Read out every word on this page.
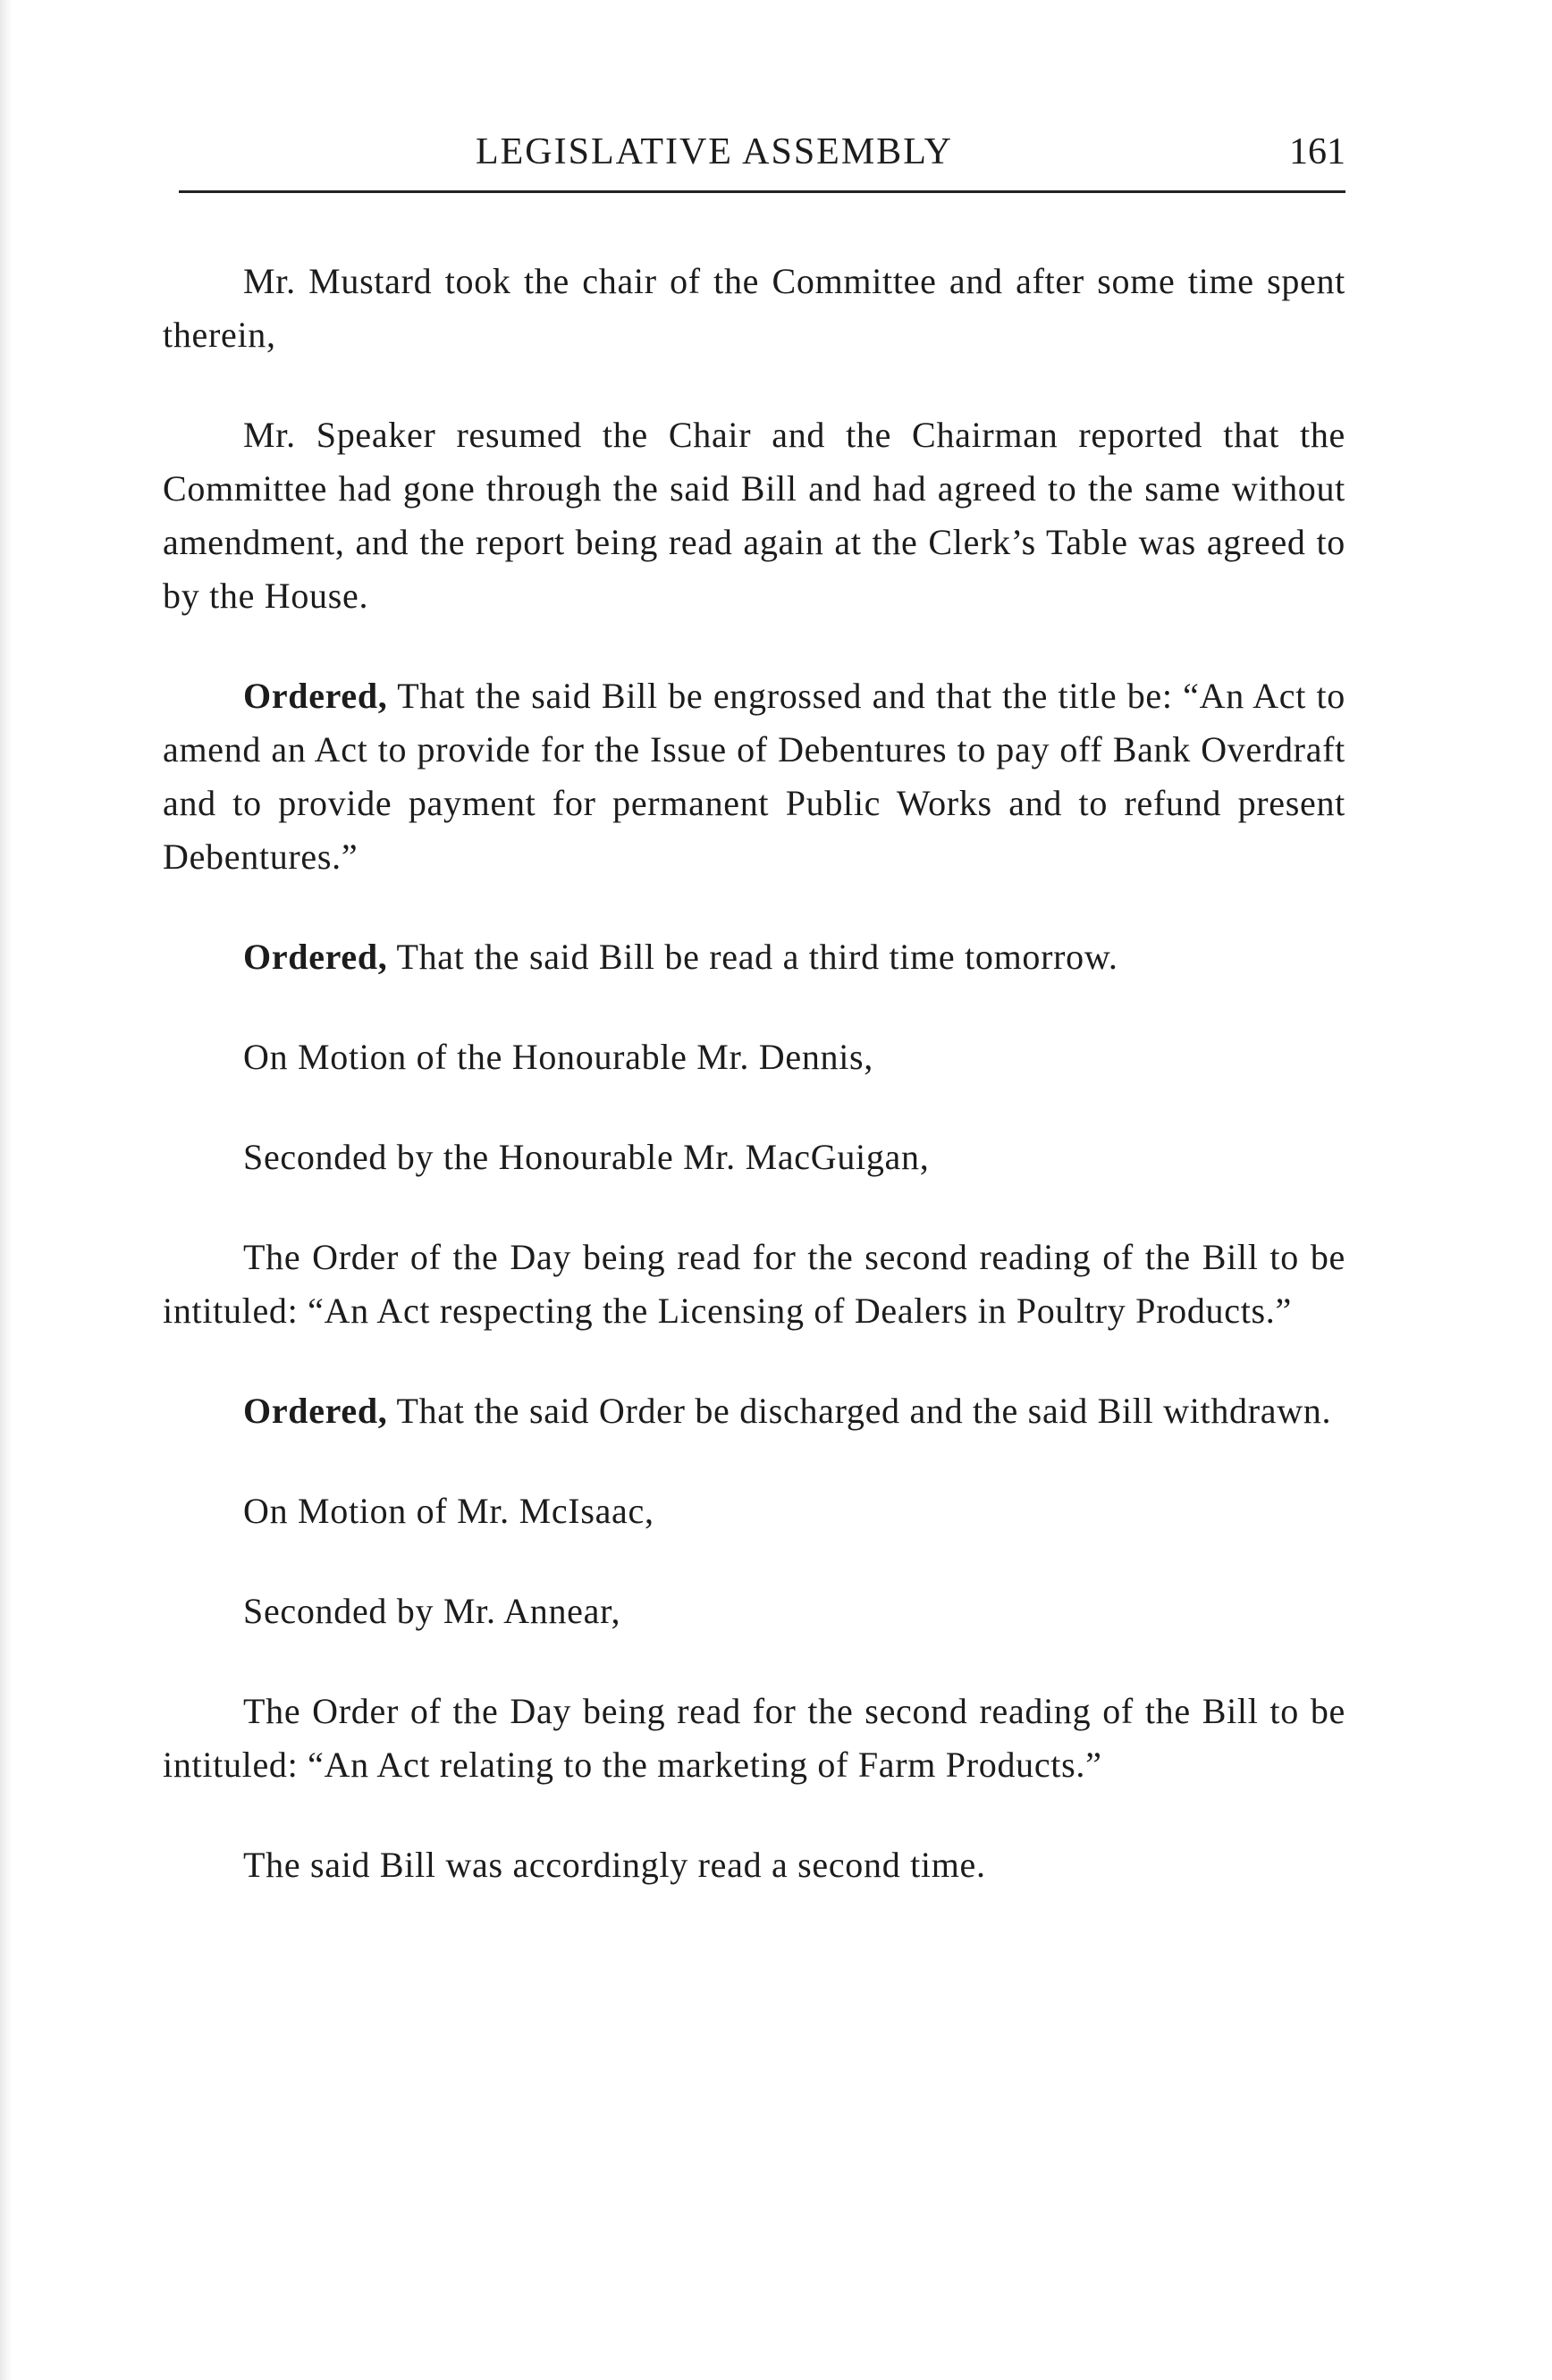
LEGISLATIVE ASSEMBLY	161

Mr. Mustard took the chair of the Committee and after some time spent therein,

Mr. Speaker resumed the Chair and the Chairman reported that the Committee had gone through the said Bill and had agreed to the same without amendment, and the report being read again at the Clerk’s Table was agreed to by the House.

Ordered, That the said Bill be engrossed and that the title be: “An Act to amend an Act to provide for the Issue of Debentures to pay off Bank Overdraft and to provide payment for permanent Public Works and to refund present Debentures.”

Ordered, That the said Bill be read a third time tomorrow.

On Motion of the Honourable Mr. Dennis,

Seconded by the Honourable Mr. MacGuigan,

The Order of the Day being read for the second reading of the Bill to be intituled: “An Act respecting the Licensing of Dealers in Poultry Products.”

Ordered, That the said Order be discharged and the said Bill withdrawn.

On Motion of Mr. McIsaac,

Seconded by Mr. Annear,

The Order of the Day being read for the second reading of the Bill to be intituled: “An Act relating to the marketing of Farm Products.”

The said Bill was accordingly read a second time.
